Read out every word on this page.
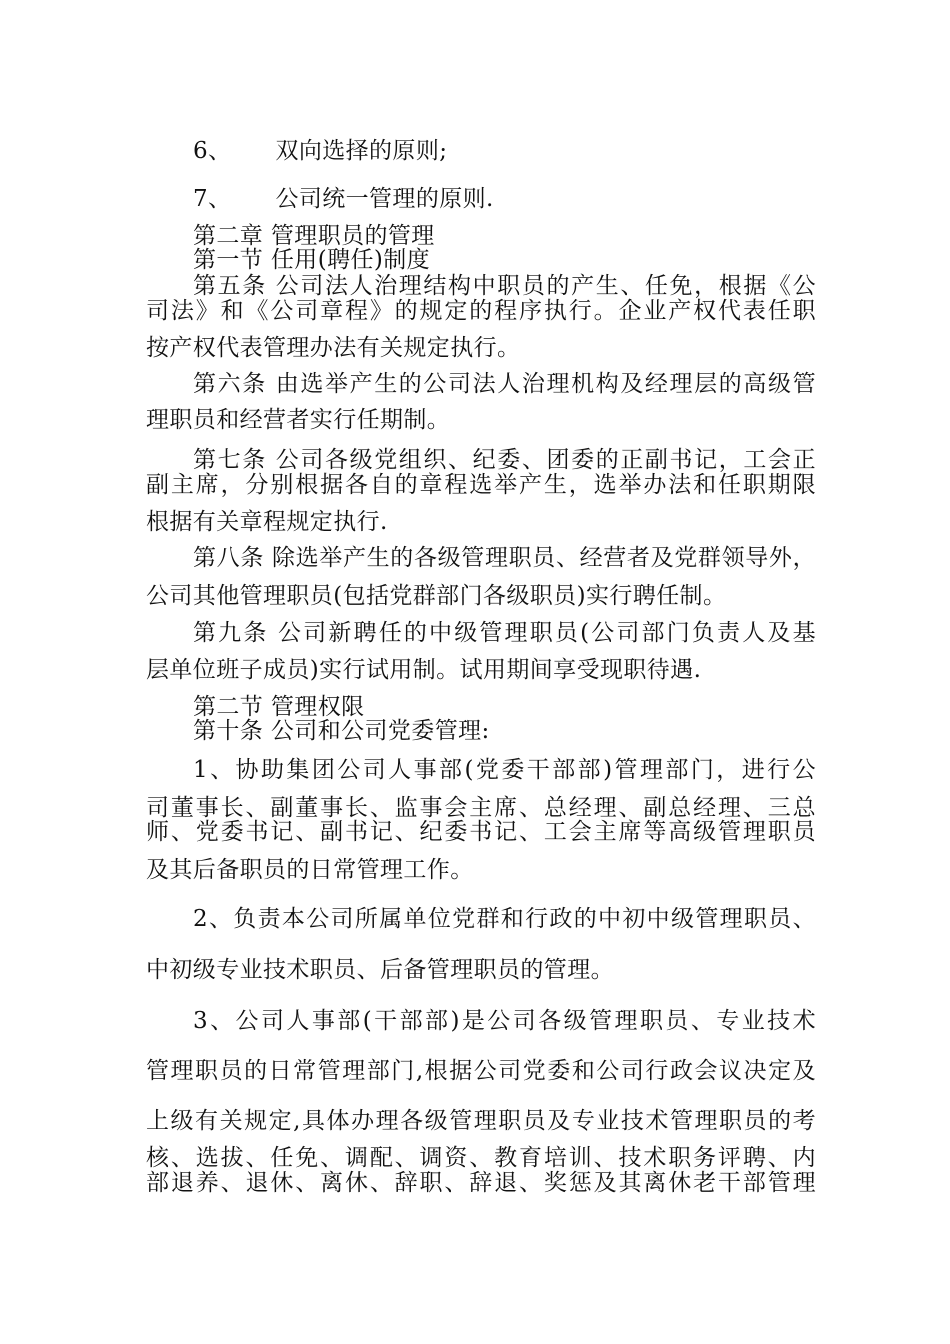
6、 双向选择的原则;
7、 公司统一管理的原则.
第二章 管理职员的管理
第一节 任用(聘任)制度
第五条 公司法人治理结构中职员的产生、任免，根据《公
司法》和《公司章程》的规定的程序执行。企业产权代表任职
按产权代表管理办法有关规定执行。
第六条 由选举产生的公司法人治理机构及经理层的高级管
理职员和经营者实行任期制。
第七条 公司各级党组织、纪委、团委的正副书记，工会正
副主席，分别根据各自的章程选举产生，选举办法和任职期限
根据有关章程规定执行.
第八条 除选举产生的各级管理职员、经营者及党群领导外，
公司其他管理职员(包括党群部门各级职员)实行聘任制。
第九条 公司新聘任的中级管理职员(公司部门负责人及基
层单位班子成员)实行试用制。试用期间享受现职待遇.
第二节 管理权限
第十条 公司和公司党委管理:
1、协助集团公司人事部(党委干部部)管理部门，进行公
司董事长、副董事长、监事会主席、总经理、副总经理、三总
师、党委书记、副书记、纪委书记、工会主席等高级管理职员
及其后备职员的日常管理工作。
2、负责本公司所属单位党群和行政的中初中级管理职员、
中初级专业技术职员、后备管理职员的管理。
3、公司人事部(干部部)是公司各级管理职员、专业技术
管理职员的日常管理部门,根据公司党委和公司行政会议决定及
上级有关规定,具体办理各级管理职员及专业技术管理职员的考
核、选拔、任免、调配、调资、教育培训、技术职务评聘、内
部退养、退休、离休、辞职、辞退、奖惩及其离休老干部管理
